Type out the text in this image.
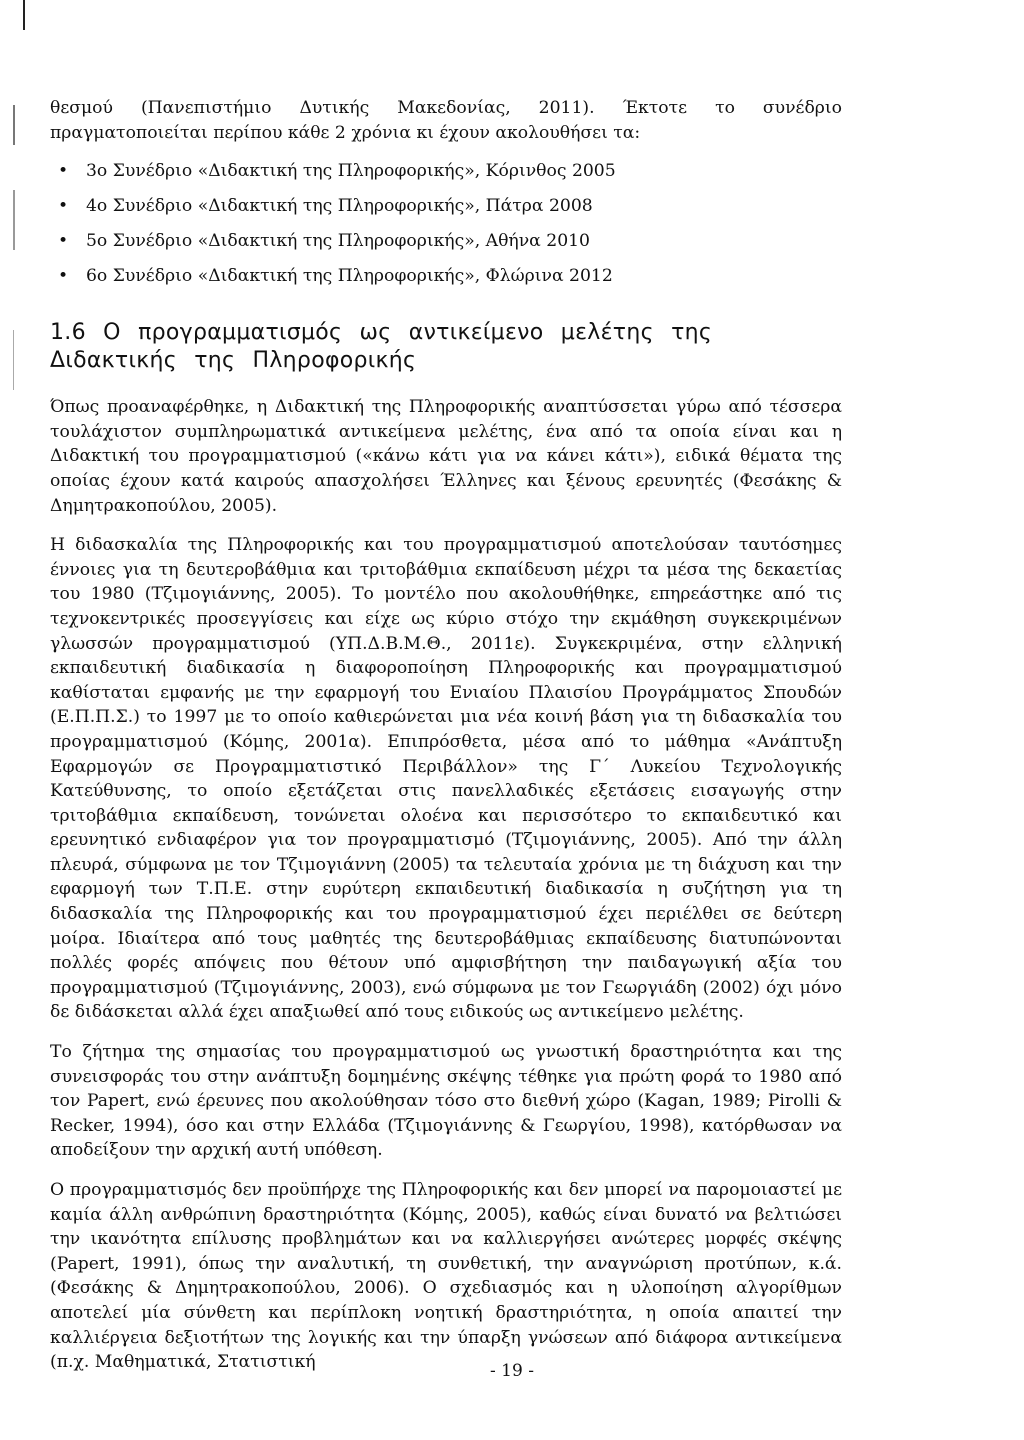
θεσμού (Πανεπιστήμιο Δυτικής Μακεδονίας, 2011). Έκτοτε το συνέδριο πραγματοποιείται περίπου κάθε 2 χρόνια κι έχουν ακολουθήσει τα:

• 3ο Συνέδριο «Διδακτική της Πληροφορικής», Κόρινθος 2005
• 4ο Συνέδριο «Διδακτική της Πληροφορικής», Πάτρα 2008
• 5ο Συνέδριο «Διδακτική της Πληροφορικής», Αθήνα 2010
• 6ο Συνέδριο «Διδακτική της Πληροφορικής», Φλώρινα 2012
1.6 Ο προγραμματισμός ως αντικείμενο μελέτης της Διδακτικής της Πληροφορικής

Όπως προαναφέρθηκε, η Διδακτική της Πληροφορικής αναπτύσσεται γύρω από τέσσερα τουλάχιστον συμπληρωματικά αντικείμενα μελέτης, ένα από τα οποία είναι και η Διδακτική του προγραμματισμού («κάνω κάτι για να κάνει κάτι»), ειδικά θέματα της οποίας έχουν κατά καιρούς απασχολήσει Έλληνες και ξένους ερευνητές (Φεσάκης & Δημητρακοπούλου, 2005).

Η διδασκαλία της Πληροφορικής και του προγραμματισμού αποτελούσαν ταυτόσημες έννοιες για τη δευτεροβάθμια και τριτοβάθμια εκπαίδευση μέχρι τα μέσα της δεκαετίας του 1980 (Τζιμογιάννης, 2005). Το μοντέλο που ακολουθήθηκε, επηρεάστηκε από τις τεχνοκεντρικές προσεγγίσεις και είχε ως κύριο στόχο την εκμάθηση συγκεκριμένων γλωσσών προγραμματισμού (ΥΠ.Δ.Β.Μ.Θ., 2011ε). Συγκεκριμένα, στην ελληνική εκπαιδευτική διαδικασία η διαφοροποίηση Πληροφορικής και προγραμματισμού καθίσταται εμφανής με την εφαρμογή του Ενιαίου Πλαισίου Προγράμματος Σπουδών (Ε.Π.Π.Σ.) το 1997 με το οποίο καθιερώνεται μια νέα κοινή βάση για τη διδασκαλία του προγραμματισμού (Κόμης, 2001α). Επιπρόσθετα, μέσα από το μάθημα «Ανάπτυξη Εφαρμογών σε Προγραμματιστικό Περιβάλλον» της Γ΄ Λυκείου Τεχνολογικής Κατεύθυνσης, το οποίο εξετάζεται στις πανελλαδικές εξετάσεις εισαγωγής στην τριτοβάθμια εκπαίδευση, τονώνεται ολοένα και περισσότερο το εκπαιδευτικό και ερευνητικό ενδιαφέρον για τον προγραμματισμό (Τζιμογιάννης, 2005). Από την άλλη πλευρά, σύμφωνα με τον Τζιμογιάννη (2005) τα τελευταία χρόνια με τη διάχυση και την εφαρμογή των Τ.Π.Ε. στην ευρύτερη εκπαιδευτική διαδικασία η συζήτηση για τη διδασκαλία της Πληροφορικής και του προγραμματισμού έχει περιέλθει σε δεύτερη μοίρα. Ιδιαίτερα από τους μαθητές της δευτεροβάθμιας εκπαίδευσης διατυπώνονται πολλές φορές απόψεις που θέτουν υπό αμφισβήτηση την παιδαγωγική αξία του προγραμματισμού (Τζιμογιάννης, 2003), ενώ σύμφωνα με τον Γεωργιάδη (2002) όχι μόνο δε διδάσκεται αλλά έχει απαξιωθεί από τους ειδικούς ως αντικείμενο μελέτης.

Το ζήτημα της σημασίας του προγραμματισμού ως γνωστική δραστηριότητα και της συνεισφοράς του στην ανάπτυξη δομημένης σκέψης τέθηκε για πρώτη φορά το 1980 από τον Papert, ενώ έρευνες που ακολούθησαν τόσο στο διεθνή χώρο (Kagan, 1989; Pirolli & Recker, 1994), όσο και στην Ελλάδα (Τζιμογιάννης & Γεωργίου, 1998), κατόρθωσαν να αποδείξουν την αρχική αυτή υπόθεση.

Ο προγραμματισμός δεν προϋπήρχε της Πληροφορικής και δεν μπορεί να παρομοιαστεί με καμία άλλη ανθρώπινη δραστηριότητα (Κόμης, 2005), καθώς είναι δυνατό να βελτιώσει την ικανότητα επίλυσης προβλημάτων και να καλλιεργήσει ανώτερες μορφές σκέψης (Papert, 1991), όπως την αναλυτική, τη συνθετική, την αναγνώριση προτύπων, κ.ά. (Φεσάκης & Δημητρακοπούλου, 2006). Ο σχεδιασμός και η υλοποίηση αλγορίθμων αποτελεί μία σύνθετη και περίπλοκη νοητική δραστηριότητα, η οποία απαιτεί την καλλιέργεια δεξιοτήτων της λογικής και την ύπαρξη γνώσεων από διάφορα αντικείμενα (π.χ. Μαθηματικά, Στατιστική	- 19 -
